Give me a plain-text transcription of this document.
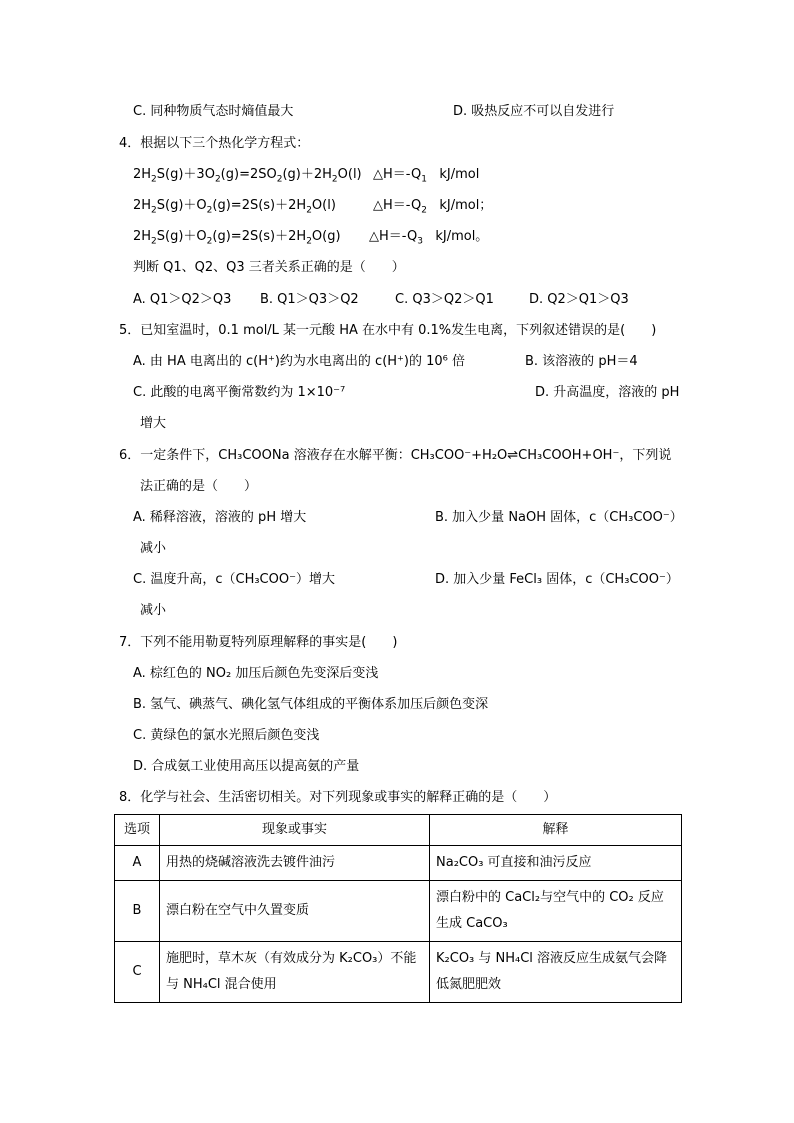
C. 同种物质气态时熵值最大	D. 吸热反应不可以自发进行
4．根据以下三个热化学方程式：
$2H_2S(g)+3O_2(g)=2SO_2(g)+2H_2O(l)$ $\triangle H=-Q_1$ kJ/mol
$2H_2S(g)+O_2(g)=2S(s)+2H_2O(l)$	$\triangle H=-Q_2$ kJ/mol；
$2H_2S(g)+O_2(g)=2S(s)+2H_2O(g)$ $\triangle H=-Q_3$ kJ/mol。
判断 Q1、Q2、Q3 三者关系正确的是（　　）
A. Q1＞Q2＞Q3 B. Q1＞Q3＞Q2	C. Q3＞Q2＞Q1	D. Q2＞Q1＞Q3
5．已知室温时，0.1 mol/L 某一元酸 HA 在水中有 0.1%发生电离，下列叙述错误的是(　　)
A. 由 HA 电离出的 c(H⁺)约为水电离出的 c(H⁺)的 10⁶ 倍	B. 该溶液的 pH＝4
C. 此酸的电离平衡常数约为 1×10⁻⁷	D. 升高温度，溶液的 pH
增大
6．一定条件下，CH₃COONa 溶液存在水解平衡：CH₃COO⁻+H₂O⇌CH₃COOH+OH⁻，下列说
法正确的是（　　）
A. 稀释溶液，溶液的 pH 增大	B. 加入少量 NaOH 固体，c（CH₃COO⁻）
减小
C. 温度升高，c（CH₃COO⁻）增大	D. 加入少量 FeCl₃ 固体，c（CH₃COO⁻）
减小
7．下列不能用勒夏特列原理解释的事实是(　　)
A. 棕红色的 NO₂ 加压后颜色先变深后变浅
B. 氢气、碘蒸气、碘化氢气体组成的平衡体系加压后颜色变深
C. 黄绿色的氯水光照后颜色变浅
D. 合成氨工业使用高压以提高氨的产量
8．化学与社会、生活密切相关。对下列现象或事实的解释正确的是（　　）
选项	现象或事实	解释
A	用热的烧碱溶液洗去镀件油污	Na₂CO₃ 可直接和油污反应
B	漂白粉在空气中久置变质	漂白粉中的 CaCl₂与空气中的 CO₂ 反应生成 CaCO₃
C	施肥时，草木灰（有效成分为 K₂CO₃）不能与 NH₄Cl 混合使用	K₂CO₃ 与 NH₄Cl 溶液反应生成氨气会降低氮肥肥效
